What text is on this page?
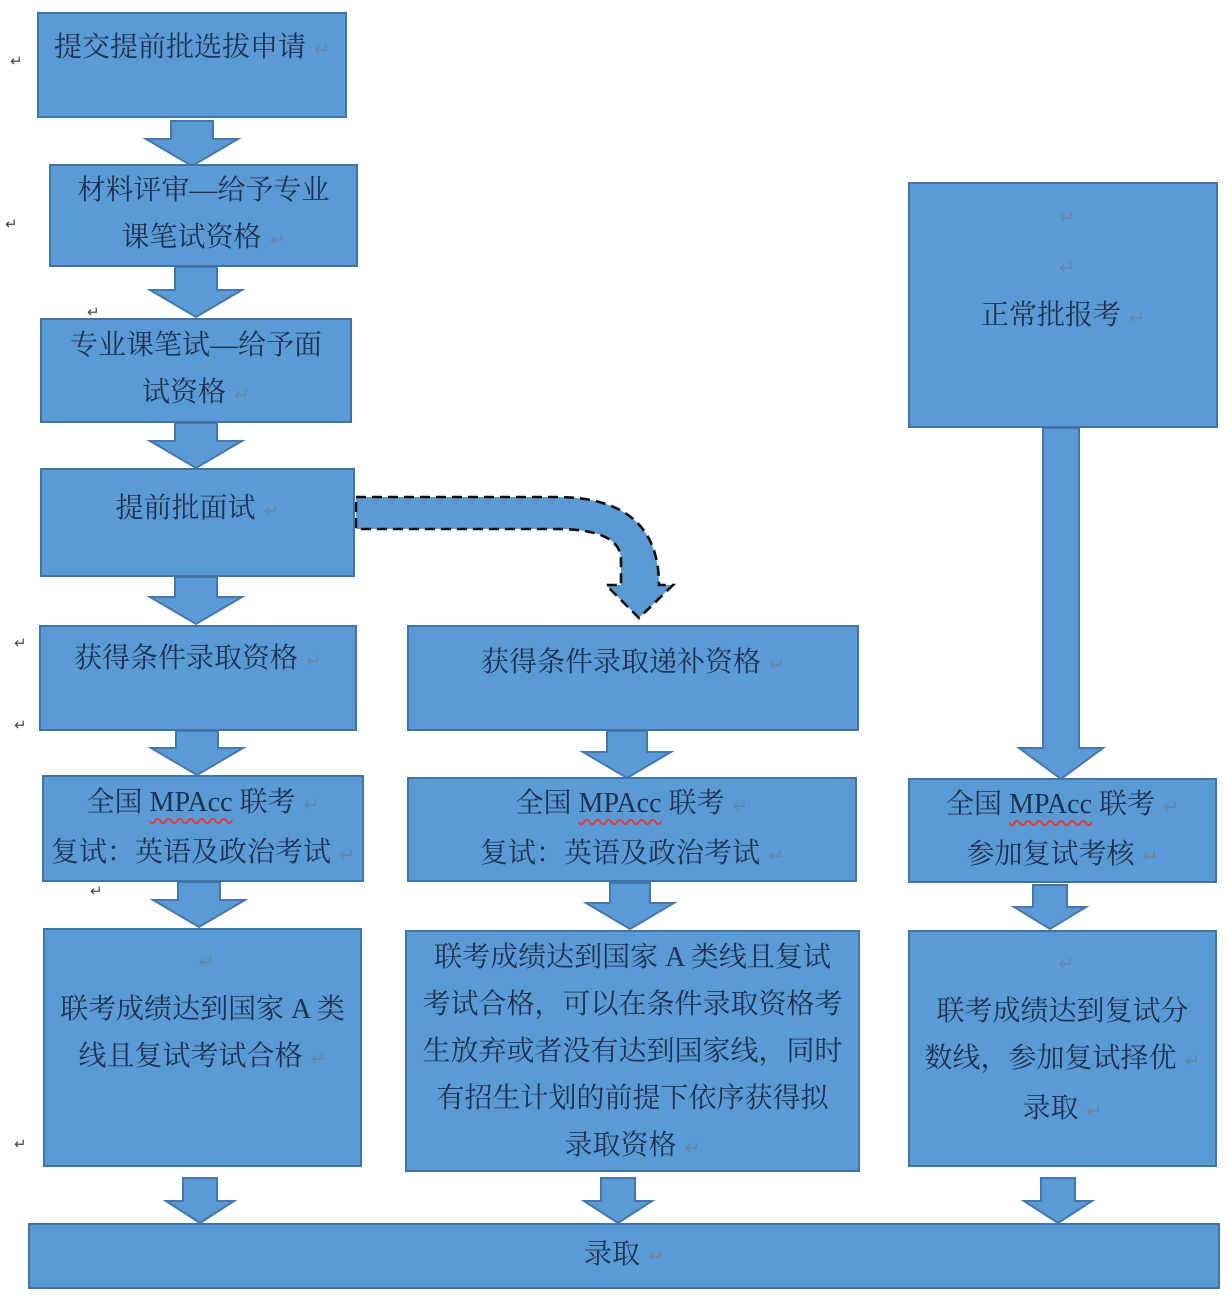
提交提前批选拔申请 ↵
材料评审—给予专业
课笔试资格 ↵
专业课笔试—给予面
试资格 ↵
提前批面试 ↵
获得条件录取资格 ↵
全国 MPAcc 联考 ↵
复试：英语及政治考试 ↵
↵
联考成绩达到国家 A 类
线且复试考试合格 ↵
获得条件录取递补资格 ↵
全国 MPAcc 联考 ↵
复试：英语及政治考试 ↵
联考成绩达到国家 A 类线且复试
考试合格，可以在条件录取资格考
生放弃或者没有达到国家线，同时
有招生计划的前提下依序获得拟
录取资格 ↵
↵
↵
正常批报考 ↵
全国 MPAcc 联考 ↵
参加复试考核 ↵
↵
联考成绩达到复试分
数线，参加复试择优 ↵
录取 ↵
录取 ↵
↵
↵
↵
↵
↵
↵
↵
